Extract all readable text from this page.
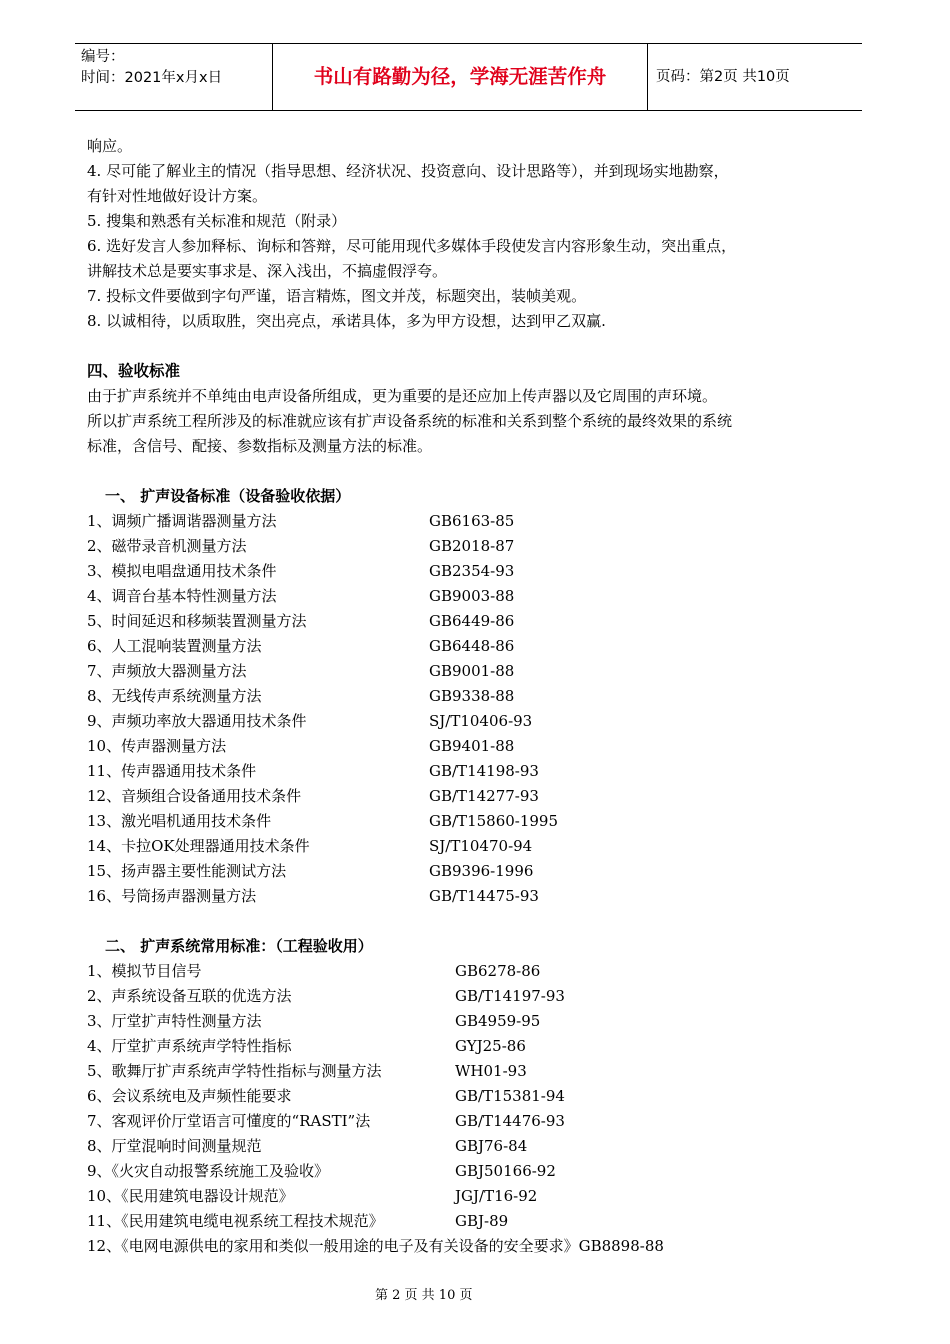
编号：
时间：2021年x月x日	书山有路勤为径，学海无涯苦作舟	页码：第2页 共10页
响应。
4. 尽可能了解业主的情况（指导思想、经济状况、投资意向、设计思路等），并到现场实地勘察，
有针对性地做好设计方案。
5. 搜集和熟悉有关标准和规范（附录）
6. 选好发言人参加释标、询标和答辩，尽可能用现代多媒体手段使发言内容形象生动，突出重点，
讲解技术总是要实事求是、深入浅出，不搞虚假浮夸。
7. 投标文件要做到字句严谨，语言精炼，图文并茂，标题突出，装帧美观。
8. 以诚相待，以质取胜，突出亮点，承诺具体，多为甲方设想，达到甲乙双赢.
四、验收标准
由于扩声系统并不单纯由电声设备所组成，更为重要的是还应加上传声器以及它周围的声环境。
所以扩声系统工程所涉及的标准就应该有扩声设备系统的标准和关系到整个系统的最终效果的系统
标准，含信号、配接、参数指标及测量方法的标准。
一、 扩声设备标准（设备验收依据）
1、调频广播调谐器测量方法	GB6163-85
2、磁带录音机测量方法	GB2018-87
3、模拟电唱盘通用技术条件	GB2354-93
4、调音台基本特性测量方法	GB9003-88
5、时间延迟和移频装置测量方法	GB6449-86
6、人工混响装置测量方法	GB6448-86
7、声频放大器测量方法	GB9001-88
8、无线传声系统测量方法	GB9338-88
9、声频功率放大器通用技术条件	SJ/T10406-93
10、传声器测量方法	GB9401-88
11、传声器通用技术条件	GB/T14198-93
12、音频组合设备通用技术条件	GB/T14277-93
13、激光唱机通用技术条件	GB/T15860-1995
14、卡拉OK处理器通用技术条件	SJ/T10470-94
15、扬声器主要性能测试方法	GB9396-1996
16、号筒扬声器测量方法	GB/T14475-93
二、 扩声系统常用标准：（工程验收用）
1、模拟节目信号	GB6278-86
2、声系统设备互联的优选方法	GB/T14197-93
3、厅堂扩声特性测量方法	GB4959-95
4、厅堂扩声系统声学特性指标	GYJ25-86
5、歌舞厅扩声系统声学特性指标与测量方法	WH01-93
6、会议系统电及声频性能要求	GB/T15381-94
7、客观评价厅堂语言可懂度的“RASTI”法	GB/T14476-93
8、厅堂混响时间测量规范	GBJ76-84
9、《火灾自动报警系统施工及验收》	GBJ50166-92
10、《民用建筑电器设计规范》	JGJ/T16-92
11、《民用建筑电缆电视系统工程技术规范》	GBJ-89
12、《电网电源供电的家用和类似一般用途的电子及有关设备的安全要求》GB8898-88
第 2 页 共 10 页
